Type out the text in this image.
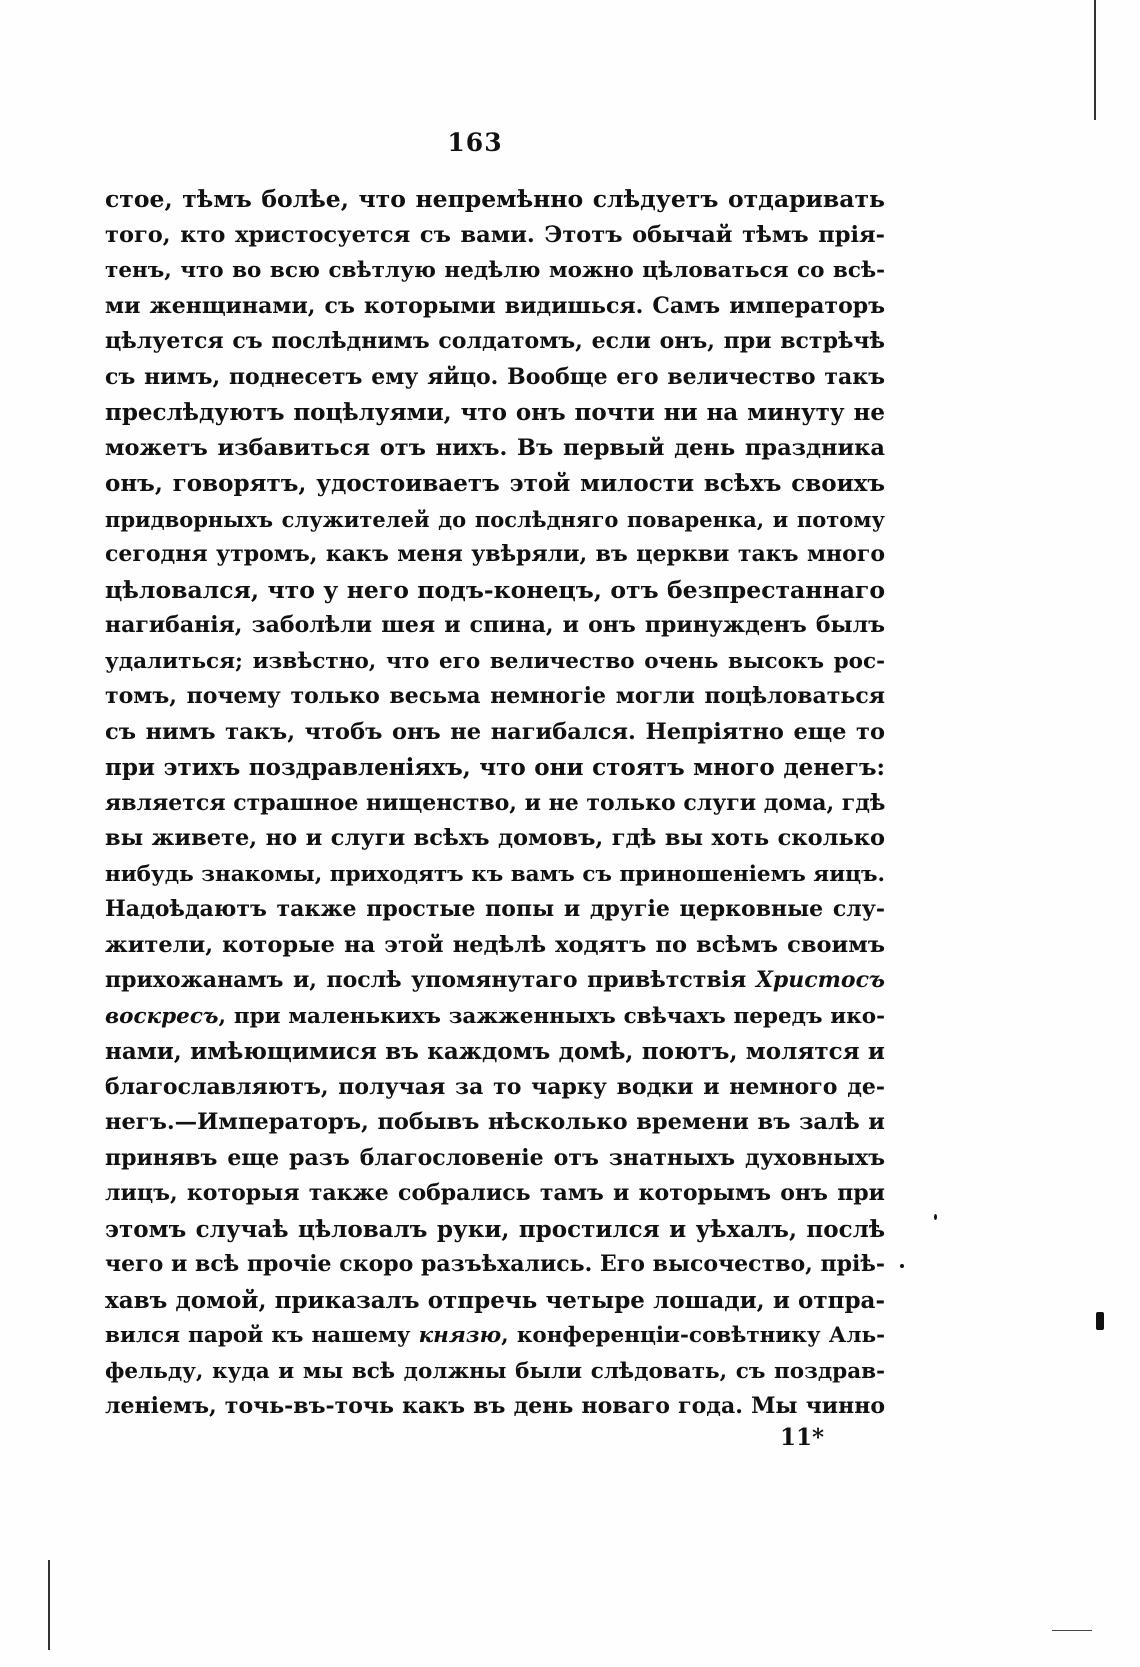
163
стое, тѣмъ болѣе, что непремѣнно слѣдуетъ отдаривать
того, кто христосуется съ вами. Этотъ обычай тѣмъ прія-
тенъ, что во всю свѣтлую недѣлю можно цѣловаться со всѣ-
ми женщинами, съ которыми видишься. Самъ императоръ
цѣлуется съ послѣднимъ солдатомъ, если онъ, при встрѣчѣ
съ нимъ, поднесетъ ему яйцо. Вообще его величество такъ
преслѣдуютъ поцѣлуями, что онъ почти ни на минуту не
можетъ избавиться отъ нихъ. Въ первый день праздника
онъ, говорятъ, удостоиваетъ этой милости всѣхъ своихъ
придворныхъ служителей до послѣдняго поваренка, и потому
сегодня утромъ, какъ меня увѣряли, въ церкви такъ много
цѣловался, что у него подъ-конецъ, отъ безпрестаннаго
нагибанія, заболѣли шея и спина, и онъ принужденъ былъ
удалиться; извѣстно, что его величество очень высокъ рос-
томъ, почему только весьма немногіе могли поцѣловаться
съ нимъ такъ, чтобъ онъ не нагибался. Непріятно еще то
при этихъ поздравленіяхъ, что они стоятъ много денегъ:
является страшное нищенство, и не только слуги дома, гдѣ
вы живете, но и слуги всѣхъ домовъ, гдѣ вы хоть сколько
нибудь знакомы, приходятъ къ вамъ съ приношеніемъ яицъ.
Надоѣдаютъ также простые попы и другіе церковные слу-
жители, которые на этой недѣлѣ ходятъ по всѣмъ своимъ
прихожанамъ и, послѣ упомянутаго привѣтствія Христосъ
воскресъ, при маленькихъ зажженныхъ свѣчахъ передъ ико-
нами, имѣющимися въ каждомъ домѣ, поютъ, молятся и
благославляютъ, получая за то чарку водки и немного де-
негъ.—Императоръ, побывъ нѣсколько времени въ залѣ и
принявъ еще разъ благословеніе отъ знатныхъ духовныхъ
лицъ, которыя также собрались тамъ и которымъ онъ при
этомъ случаѣ цѣловалъ руки, простился и уѣхалъ, послѣ
чего и всѣ прочіе скоро разъѣхались. Его высочество, пріѣ-
хавъ домой, приказалъ отпречь четыре лошади, и отпра-
вился парой къ нашему князю, конференціи-совѣтнику Аль-
фельду, куда и мы всѣ должны были слѣдовать, съ поздрав-
леніемъ, точь-въ-точь какъ въ день новаго года. Мы чинно
11*
